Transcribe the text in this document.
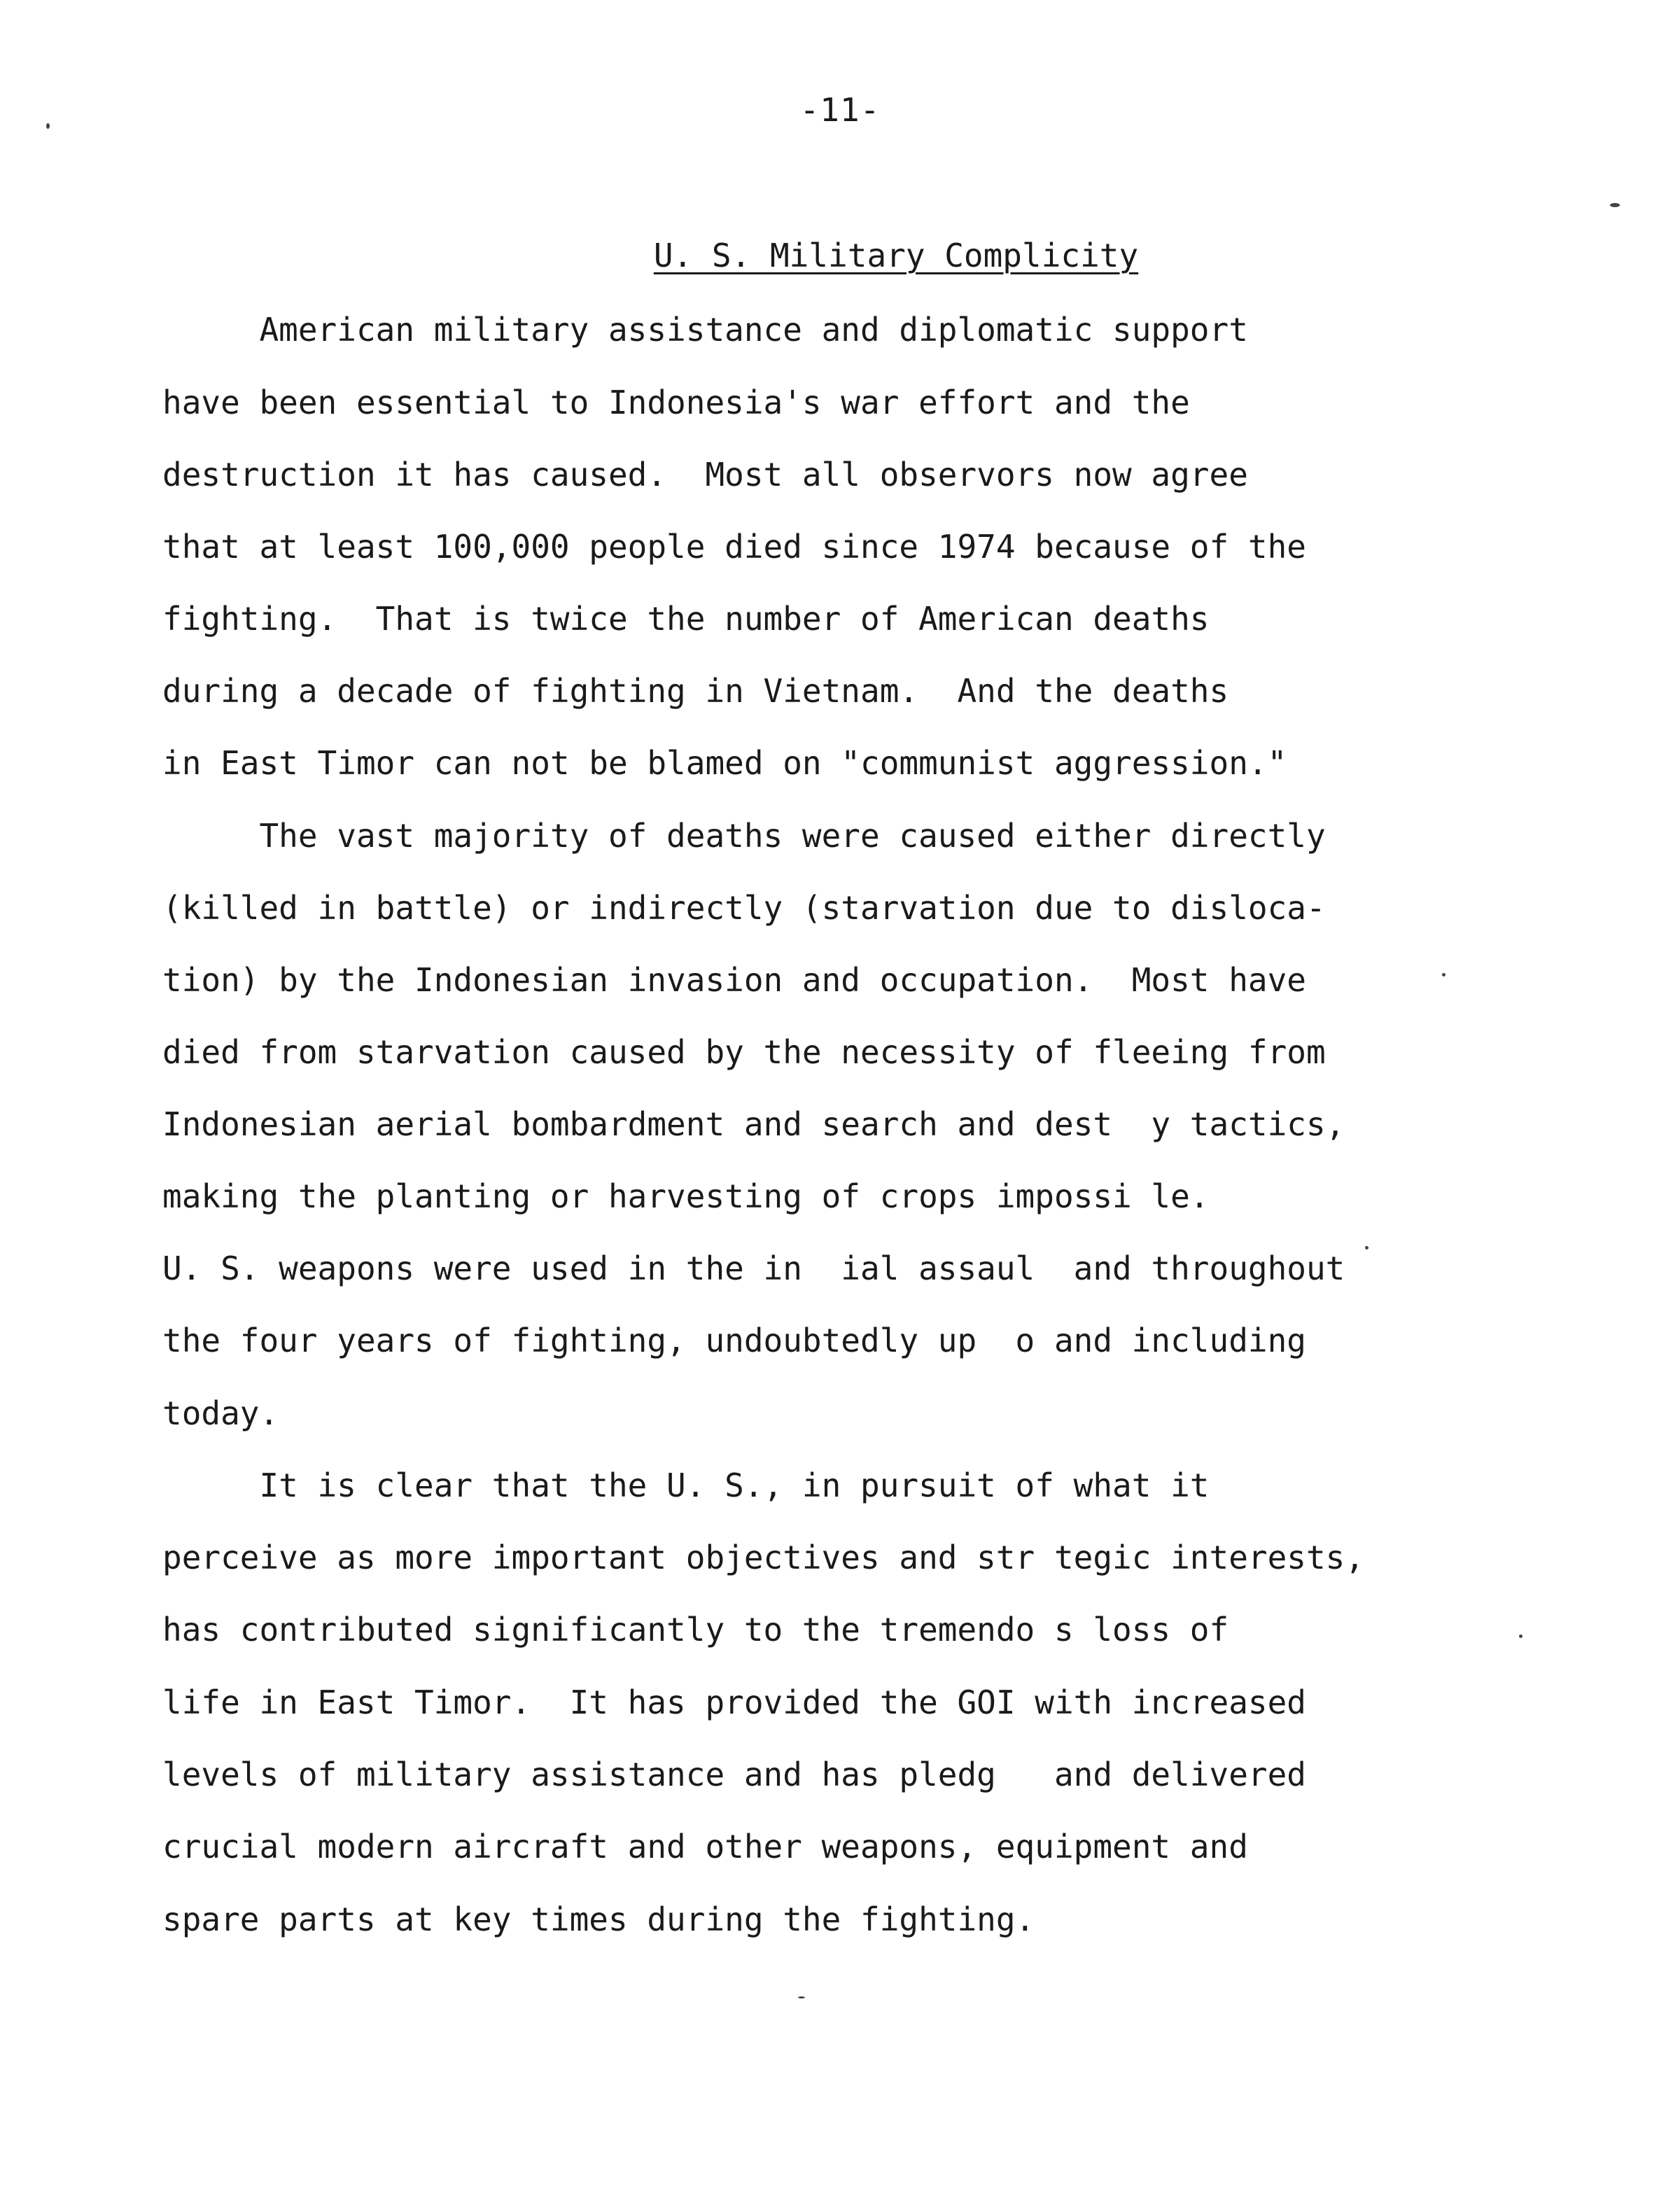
-11-
U. S. Military Complicity
American military assistance and diplomatic support
have been essential to Indonesia's war effort and the
destruction it has caused.  Most all observors now agree
that at least 100,000 people died since 1974 because of the
fighting.  That is twice the number of American deaths
during a decade of fighting in Vietnam.  And the deaths
in East Timor can not be blamed on "communist aggression."
The vast majority of deaths were caused either directly
(killed in battle) or indirectly (starvation due to disloca-
tion) by the Indonesian invasion and occupation.  Most have
died from starvation caused by the necessity of fleeing from
Indonesian aerial bombardment and search and dest  y tactics,
making the planting or harvesting of crops impossi le.
U. S. weapons were used in the in  ial assaul  and throughout
the four years of fighting, undoubtedly up  o and including
today.
It is clear that the U. S., in pursuit of what it
perceive as more important objectives and str tegic interests,
has contributed significantly to the tremendo s loss of
life in East Timor.  It has provided the GOI with increased
levels of military assistance and has pledg   and delivered
crucial modern aircraft and other weapons, equipment and
spare parts at key times during the fighting.
